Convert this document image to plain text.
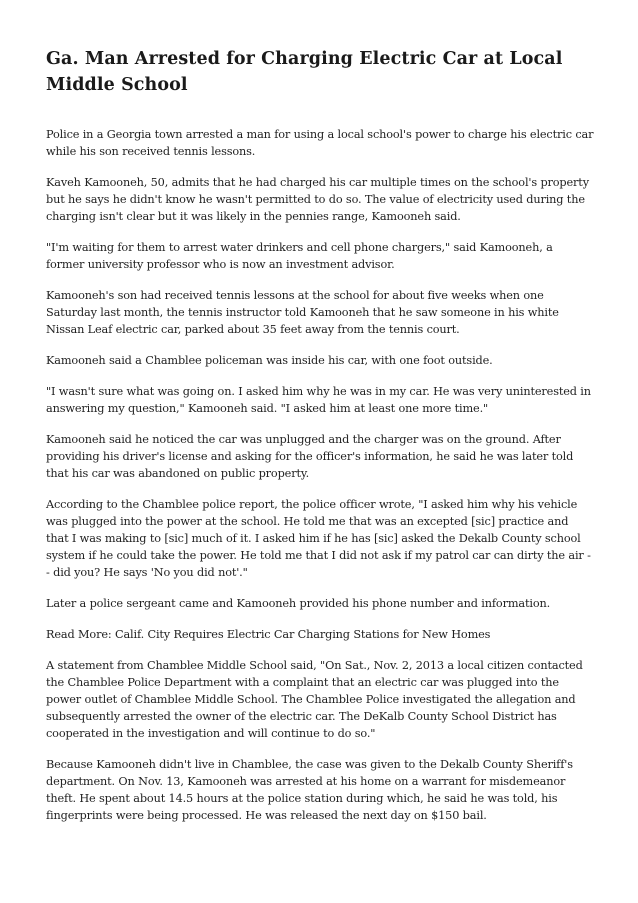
Ga. Man Arrested for Charging Electric Car at Local Middle School

Police in a Georgia town arrested a man for using a local school's power to charge his electric car while his son received tennis lessons.

Kaveh Kamooneh, 50, admits that he had charged his car multiple times on the school's property but he says he didn't know he wasn't permitted to do so. The value of electricity used during the charging isn't clear but it was likely in the pennies range, Kamooneh said.

"I'm waiting for them to arrest water drinkers and cell phone chargers," said Kamooneh, a former university professor who is now an investment advisor.

Kamooneh's son had received tennis lessons at the school for about five weeks when one Saturday last month, the tennis instructor told Kamooneh that he saw someone in his white Nissan Leaf electric car, parked about 35 feet away from the tennis court.

Kamooneh said a Chamblee policeman was inside his car, with one foot outside.

"I wasn't sure what was going on. I asked him why he was in my car. He was very uninterested in answering my question," Kamooneh said. "I asked him at least one more time."

Kamooneh said he noticed the car was unplugged and the charger was on the ground. After providing his driver's license and asking for the officer's information, he said he was later told that his car was abandoned on public property.

According to the Chamblee police report, the police officer wrote, "I asked him why his vehicle was plugged into the power at the school. He told me that was an excepted [sic] practice and that I was making to [sic] much of it. I asked him if he has [sic] asked the Dekalb County school system if he could take the power. He told me that I did not ask if my patrol car can dirty the air -- did you? He says 'No you did not'."

Later a police sergeant came and Kamooneh provided his phone number and information.

Read More: Calif. City Requires Electric Car Charging Stations for New Homes

A statement from Chamblee Middle School said, "On Sat., Nov. 2, 2013 a local citizen contacted the Chamblee Police Department with a complaint that an electric car was plugged into the power outlet of Chamblee Middle School. The Chamblee Police investigated the allegation and subsequently arrested the owner of the electric car. The DeKalb County School District has cooperated in the investigation and will continue to do so."

Because Kamooneh didn't live in Chamblee, the case was given to the Dekalb County Sheriff's department. On Nov. 13, Kamooneh was arrested at his home on a warrant for misdemeanor theft. He spent about 14.5 hours at the police station during which, he said he was told, his fingerprints were being processed. He was released the next day on $150 bail.
